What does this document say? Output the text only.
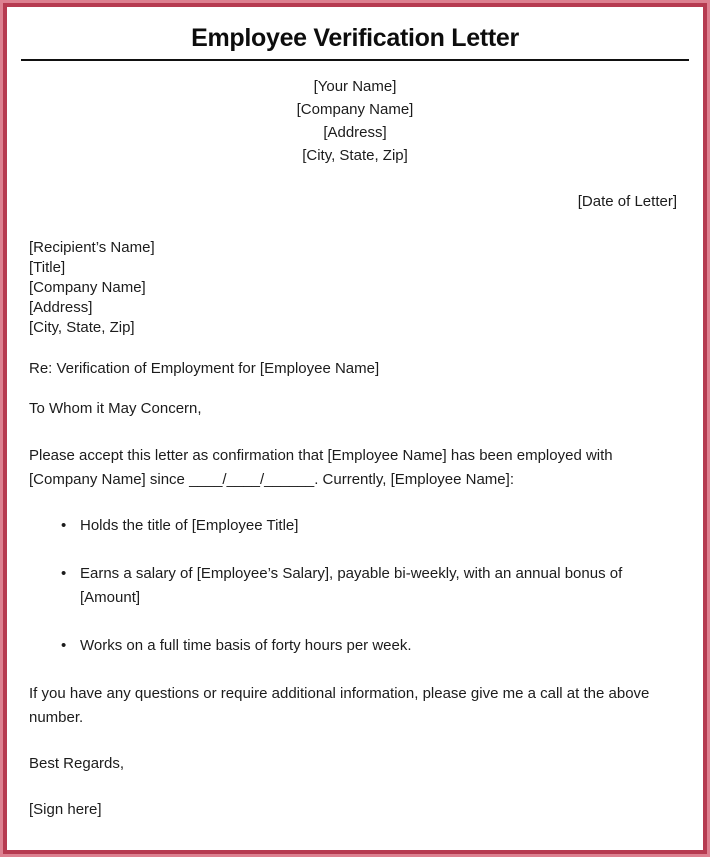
Employee Verification Letter
[Your Name]
[Company Name]
[Address]
[City, State, Zip]
[Date of Letter]
[Recipient’s Name]
[Title]
[Company Name]
[Address]
[City, State, Zip]
Re: Verification of Employment for [Employee Name]
To Whom it May Concern,
Please accept this letter as confirmation that [Employee Name] has been employed with
[Company Name] since ____/____/______. Currently, [Employee Name]:
• Holds the title of [Employee Title]
• Earns a salary of [Employee’s Salary], payable bi-weekly, with an annual bonus of
[Amount]
• Works on a full time basis of forty hours per week.
If you have any questions or require additional information, please give me a call at the above
number.
Best Regards,
[Sign here]
